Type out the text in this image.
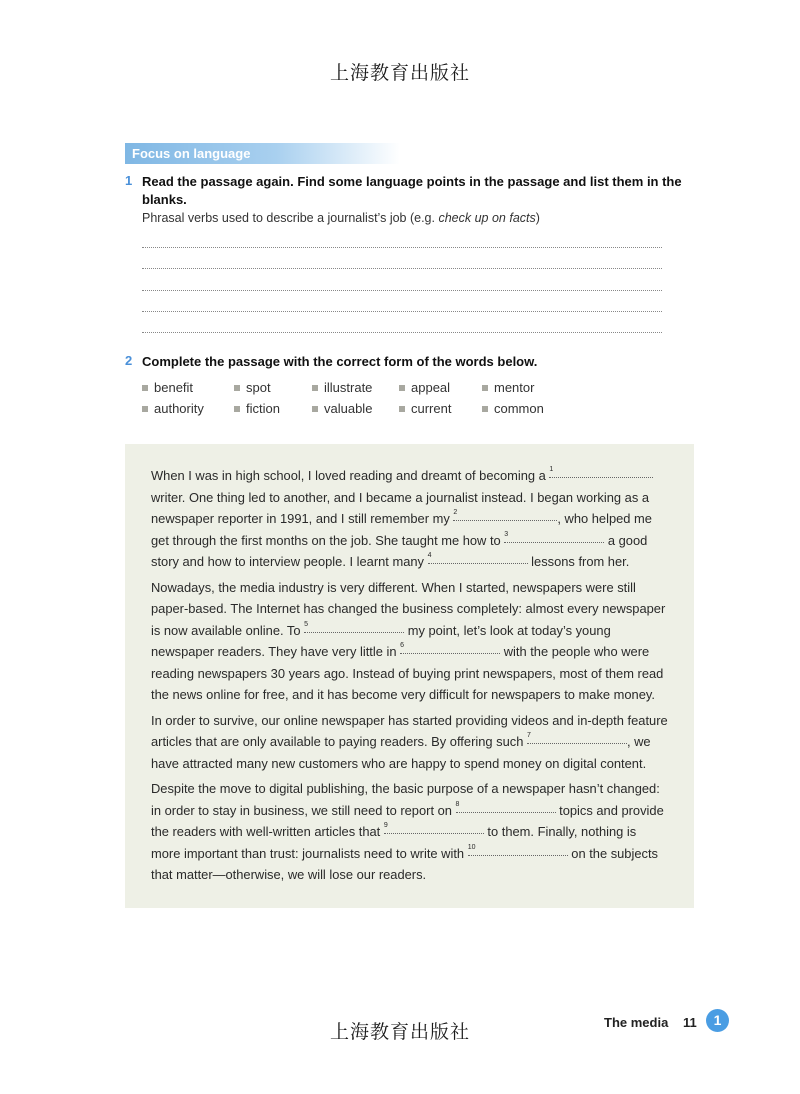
上海教育出版社
Focus on language
1 Read the passage again. Find some language points in the passage and list them in the blanks.
Phrasal verbs used to describe a journalist’s job (e.g. check up on facts)
2 Complete the passage with the correct form of the words below.
benefit	spot	illustrate	appeal	mentor
authority	fiction	valuable	current	common

When I was in high school, I loved reading and dreamt of becoming a $^1$ writer. One thing led to another, and I became a journalist instead. I began working as a newspaper reporter in 1991, and I still remember my $^2$	, who helped me get through the first months on the job. She taught me how to $^3$	a good story and how to interview people. I learnt many $^4$	lessons from her.

Nowadays, the media industry is very different. When I started, newspapers were still paper-based. The Internet has changed the business completely: almost every newspaper is now available online. To $^5$	my point, let’s look at today’s young newspaper readers. They have very little in $^6$	with the people who were reading newspapers 30 years ago. Instead of buying print newspapers, most of them read the news online for free, and it has become very difficult for newspapers to make money.

In order to survive, our online newspaper has started providing videos and in-depth feature articles that are only available to paying readers. By offering such $^7$	, we have attracted many new customers who are happy to spend money on digital content.

Despite the move to digital publishing, the basic purpose of a newspaper hasn’t changed: in order to stay in business, we still need to report on $^8$	topics and provide the readers with well-written articles that $^9$	to them. Finally, nothing is more important than trust: journalists need to write with $^{10}$	on the subjects that matter—otherwise, we will lose our readers.

上海教育出版社	The media 11	1
